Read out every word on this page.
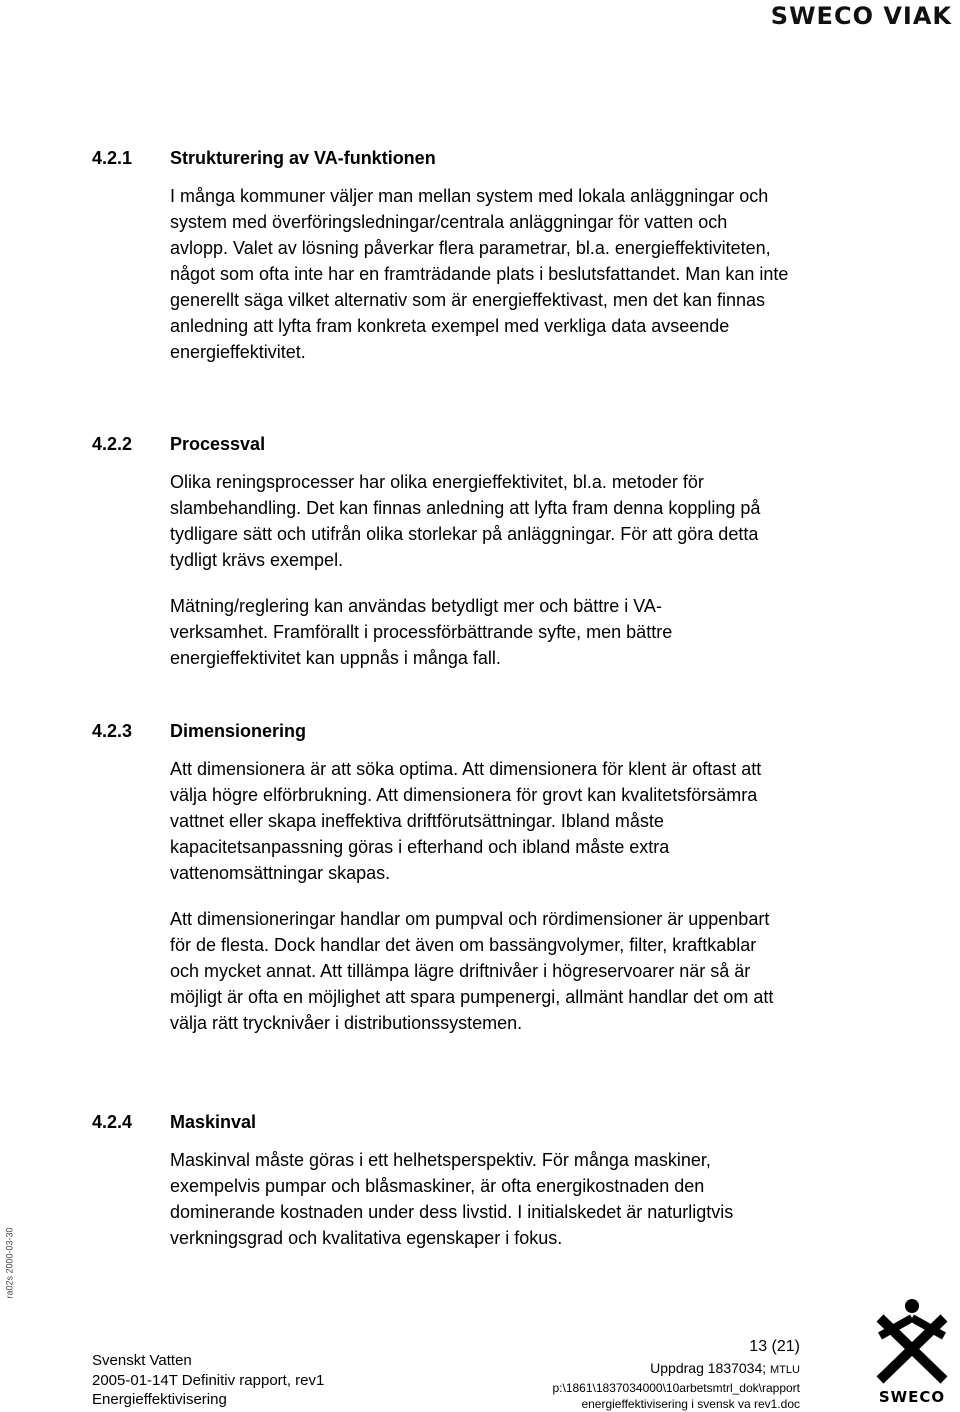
SWECO VIAK
4.2.1	Strukturering av VA-funktionen

I många kommuner väljer man mellan system med lokala anläggningar och system med överföringsledningar/centrala anläggningar för vatten och avlopp. Valet av lösning påverkar flera parametrar, bl.a. energieffektiviteten, något som ofta inte har en framträdande plats i beslutsfattandet. Man kan inte generellt säga vilket alternativ som är energieffektivast, men det kan finnas anledning att lyfta fram konkreta exempel med verkliga data avseende energieffektivitet.

4.2.2	Processval

Olika reningsprocesser har olika energieffektivitet, bl.a. metoder för slambehandling. Det kan finnas anledning att lyfta fram denna koppling på tydligare sätt och utifrån olika storlekar på anläggningar. För att göra detta tydligt krävs exempel.

Mätning/reglering kan användas betydligt mer och bättre i VA-verksamhet. Framförallt i processförbättrande syfte, men bättre energieffektivitet kan uppnås i många fall.

4.2.3	Dimensionering

Att dimensionera är att söka optima. Att dimensionera för klent är oftast att välja högre elförbrukning. Att dimensionera för grovt kan kvalitetsförsämra vattnet eller skapa ineffektiva driftförutsättningar. Ibland måste kapacitetsanpassning göras i efterhand och ibland måste extra vattenomsättningar skapas.

Att dimensioneringar handlar om pumpval och rördimensioner är uppenbart för de flesta. Dock handlar det även om bassängvolymer, filter, kraftkablar och mycket annat. Att tillämpa lägre driftnivåer i högreservoarer när så är möjligt är ofta en möjlighet att spara pumpenergi, allmänt handlar det om att välja rätt trycknivåer i distributionssystemen.

4.2.4	Maskinval

Maskinval måste göras i ett helhetsperspektiv. För många maskiner, exempelvis pumpar och blåsmaskiner, är ofta energikostnaden den dominerande kostnaden under dess livstid. I initialskedet är naturligtvis verkningsgrad och kvalitativa egenskaper i fokus.

ra02s 2000-03-30
Svenskt Vatten
2005-01-14T Definitiv rapport, rev1
Energieffektivisering
13 (21)
Uppdrag 1837034; MTLU
p:\1861\1837034000\10arbetsmtrl_dok\rapport
energieffektivisering i svensk va rev1.doc	SWECO
